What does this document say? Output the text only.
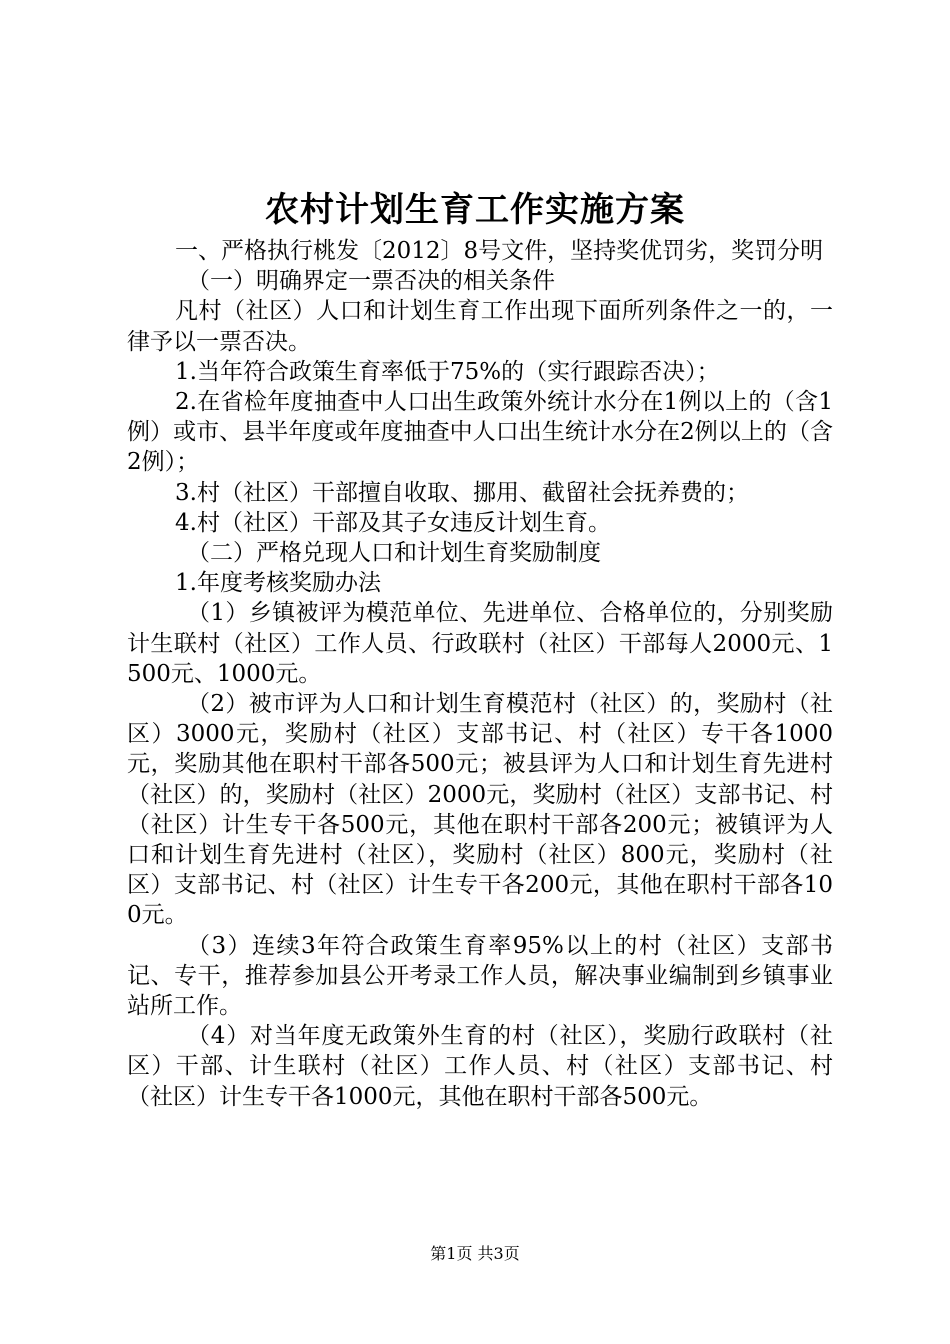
农村计划生育工作实施方案

一、严格执行桃发〔2012〕8号文件，坚持奖优罚劣，奖罚分明

（一）明确界定一票否决的相关条件

凡村（社区）人口和计划生育工作出现下面所列条件之一的，一律予以一票否决。

1.当年符合政策生育率低于75%的（实行跟踪否决）；

2.在省检年度抽查中人口出生政策外统计水分在1例以上的（含1例）或市、县半年度或年度抽查中人口出生统计水分在2例以上的（含2例）；

3.村（社区）干部擅自收取、挪用、截留社会抚养费的；

4.村（社区）干部及其子女违反计划生育。

（二）严格兑现人口和计划生育奖励制度

1.年度考核奖励办法

（1）乡镇被评为模范单位、先进单位、合格单位的，分别奖励计生联村（社区）工作人员、行政联村（社区）干部每人2000元、1500元、1000元。

（2）被市评为人口和计划生育模范村（社区）的，奖励村（社区）3000元，奖励村（社区）支部书记、村（社区）专干各1000元，奖励其他在职村干部各500元；被县评为人口和计划生育先进村（社区）的，奖励村（社区）2000元，奖励村（社区）支部书记、村（社区）计生专干各500元，其他在职村干部各200元；被镇评为人口和计划生育先进村（社区），奖励村（社区）800元，奖励村（社区）支部书记、村（社区）计生专干各200元，其他在职村干部各100元。

（3）连续3年符合政策生育率95%以上的村（社区）支部书记、专干，推荐参加县公开考录工作人员，解决事业编制到乡镇事业站所工作。

（4）对当年度无政策外生育的村（社区），奖励行政联村（社区）干部、计生联村（社区）工作人员、村（社区）支部书记、村（社区）计生专干各1000元，其他在职村干部各500元。

第1页 共3页
